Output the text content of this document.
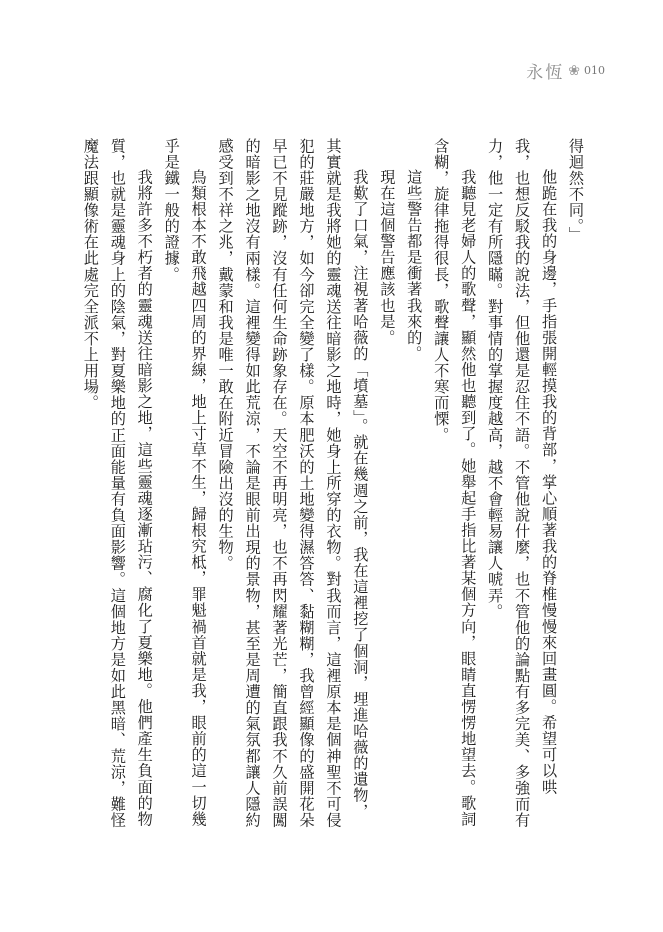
永恆 ❀ 010
得迴然不同。」
他跪在我的身邊，手指張開輕摸我的背部，掌心順著我的脊椎慢慢來回畫圓。希望可以哄
我，也想反駁我的說法，但他還是忍住不語。不管他說什麼，也不管他的論點有多完美、多強而有
力，他一定有所隱瞞。對事情的掌握度越高，越不會輕易讓人唬弄。
我聽見老婦人的歌聲，顯然他也聽到了。她舉起手指比著某個方向，眼睛直愣愣地望去。歌詞
含糊，旋律拖得很長，歌聲讓人不寒而慄。
這些警告都是衝著我來的。
現在這個警告應該也是。
我歎了口氣，注視著哈薇的「墳墓」。就在幾週之前，我在這裡挖了個洞，埋進哈薇的遺物，
其實就是我將她的靈魂送往暗影之地時，她身上所穿的衣物。對我而言，這裡原本是個神聖不可侵
犯的莊嚴地方，如今卻完全變了樣。原本肥沃的土地變得濕答答、黏糊糊，我曾經顯像的盛開花朵
早已不見蹤跡，沒有任何生命跡象存在。天空不再明亮，也不再閃耀著光芒，簡直跟我不久前誤闖
的暗影之地沒有兩樣。這裡變得如此荒涼，不論是眼前出現的景物，甚至是周遭的氣氛都讓人隱約
感受到不祥之兆，戴蒙和我是唯一敢在附近冒險出沒的生物。
鳥類根本不敢飛越四周的界線，地上寸草不生，歸根究柢，罪魁禍首就是我，眼前的這一切幾
乎是鐵一般的證據。
我將許多不朽者的靈魂送往暗影之地，這些靈魂逐漸玷污、腐化了夏樂地。他們產生負面的物
質，也就是靈魂身上的陰氣，對夏樂地的正面能量有負面影響。這個地方是如此黑暗、荒涼，難怪
魔法跟顯像術在此處完全派不上用場。
